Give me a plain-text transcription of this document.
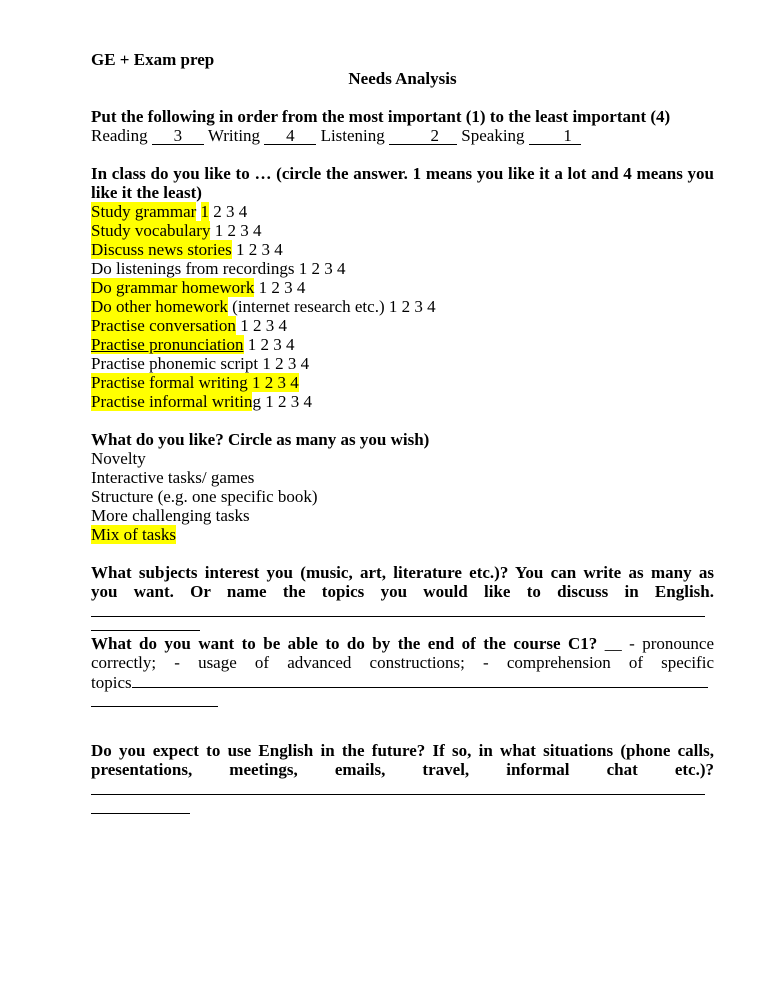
GE + Exam prep
Needs Analysis
Put the following in order from the most important (1) to the least important (4)
Reading 3 Writing 4 Listening	2 Speaking 1
In class do you like to … (circle the answer. 1 means you like it a lot and 4 means you like it the least)
Study grammar 1 2 3 4
Study vocabulary 1 2 3 4
Discuss news stories 1 2 3 4
Do listenings from recordings 1 2 3 4
Do grammar homework 1 2 3 4
Do other homework (internet research etc.) 1 2 3 4
Practise conversation 1 2 3 4
Practise pronunciation 1 2 3 4
Practise phonemic script 1 2 3 4
Practise formal writing 1 2 3 4
Practise informal writing 1 2 3 4
What do you like? Circle as many as you wish)
Novelty
Interactive tasks/ games
Structure (e.g. one specific book)
More challenging tasks
Mix of tasks
What subjects interest you (music, art, literature etc.)? You can write as many as
you want. Or name the topics you would like to discuss in English.
What do you want to be able to do by the end of the course C1? __ - pronounce
correctly; - usage of advanced constructions; - comprehension of specific
topics
Do you expect to use English in the future? If so, in what situations (phone calls,
presentations, meetings, emails, travel, informal chat etc.)?
